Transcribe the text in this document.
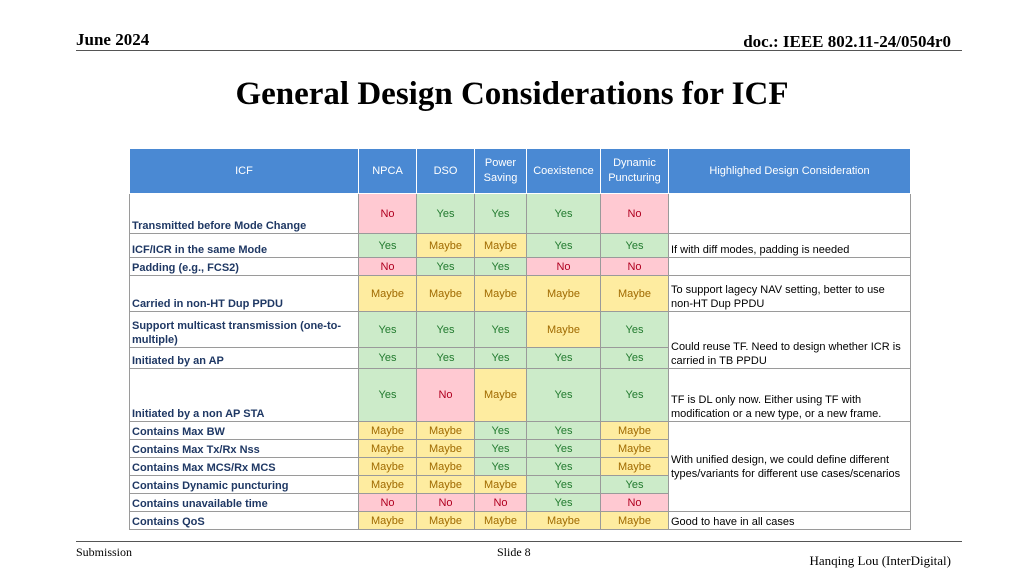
June 2024	doc.: IEEE 802.11-24/0504r0
General Design Considerations for ICF
ICF	NPCA	DSO	Power Saving	Coexistence	Dynamic Puncturing	Highlighed Design Consideration
Transmitted before Mode Change	No	Yes	Yes	Yes	No	
ICF/ICR in the same Mode	Yes	Maybe	Maybe	Yes	Yes	If with diff modes, padding is needed
Padding (e.g., FCS2)	No	Yes	Yes	No	No	
Carried in non-HT Dup PPDU	Maybe	Maybe	Maybe	Maybe	Maybe	To support lagecy NAV setting, better to use non-HT Dup PPDU
Support multicast transmission (one-to-multiple)	Yes	Yes	Yes	Maybe	Yes	Could reuse TF. Need to design whether ICR is carried in TB PPDU
Initiated by an AP	Yes	Yes	Yes	Yes	Yes	
Initiated by a non AP STA	Yes	No	Maybe	Yes	Yes	TF is DL only now. Either using TF with modification or a new type, or a new frame.
Contains Max BW	Maybe	Maybe	Yes	Yes	Maybe	With unified design, we could define different types/variants for different use cases/scenarios
Contains Max Tx/Rx Nss	Maybe	Maybe	Yes	Yes	Maybe	
Contains Max MCS/Rx MCS	Maybe	Maybe	Yes	Yes	Maybe	
Contains Dynamic puncturing	Maybe	Maybe	Maybe	Yes	Yes	
Contains unavailable time	No	No	No	Yes	No	
Contains QoS	Maybe	Maybe	Maybe	Maybe	Maybe	Good to have in all cases
Submission	Slide 8
Hanqing Lou (InterDigital)
